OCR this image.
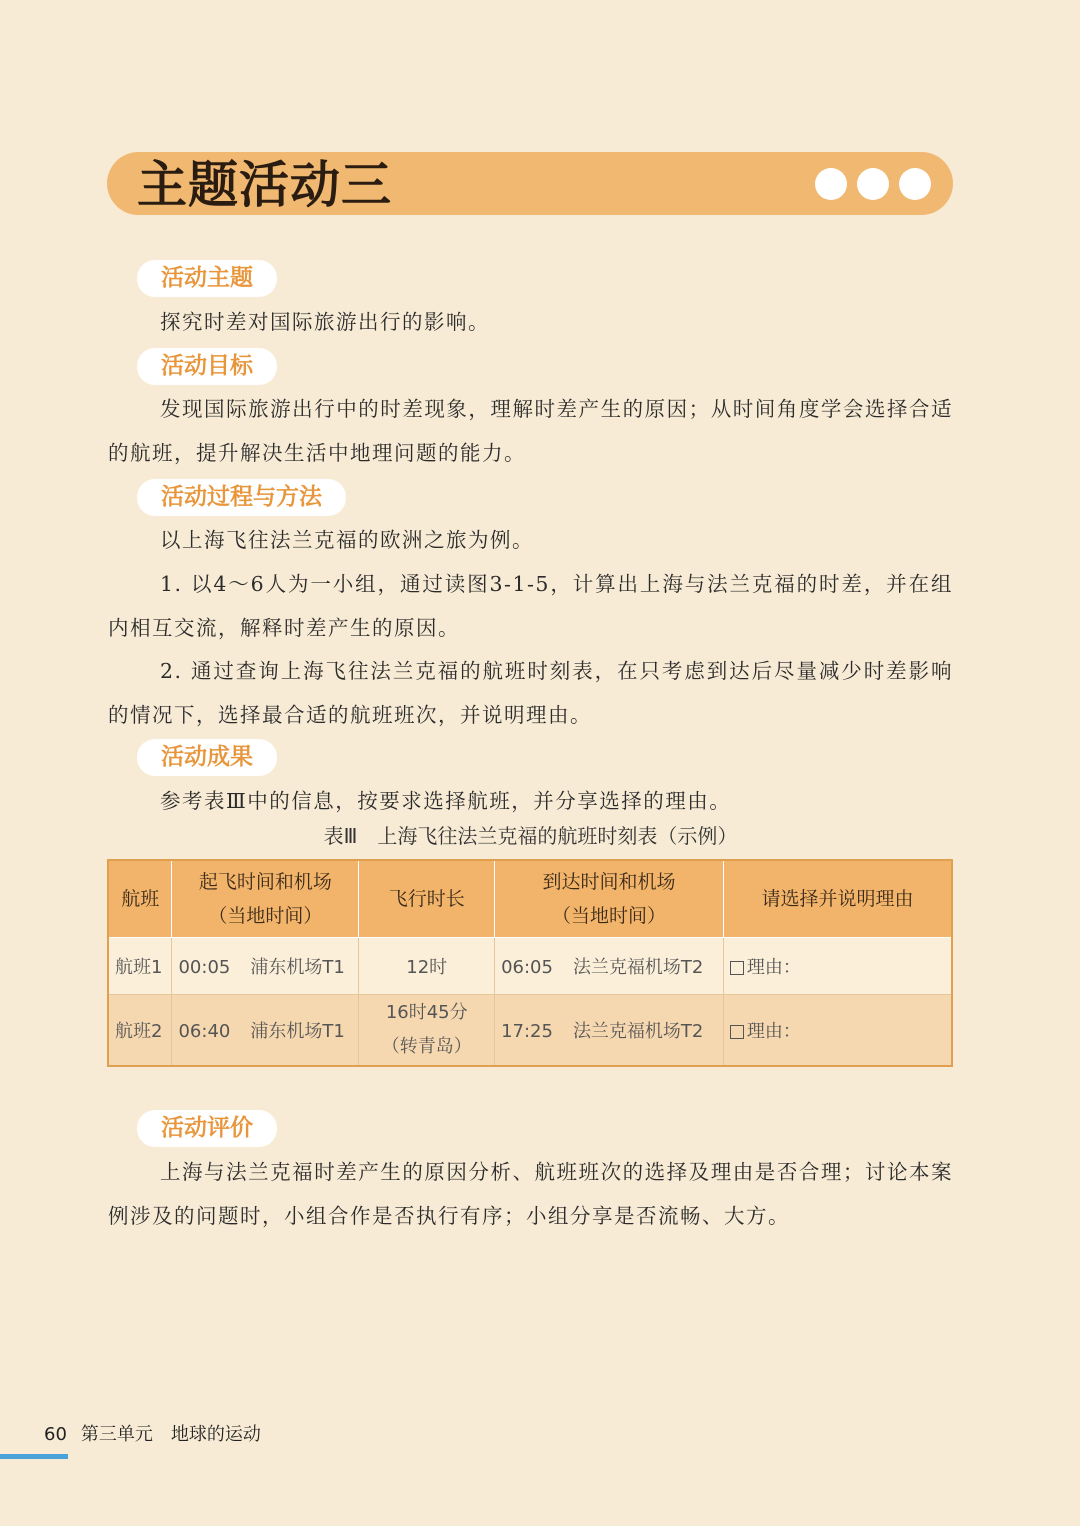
主题活动三
活动主题

探究时差对国际旅游出行的影响。

活动目标

发现国际旅游出行中的时差现象，理解时差产生的原因；从时间角度学会选择合适的航班，提升解决生活中地理问题的能力。

活动过程与方法

以上海飞往法兰克福的欧洲之旅为例。

1. 以4～6人为一小组，通过读图3-1-5，计算出上海与法兰克福的时差，并在组内相互交流，解释时差产生的原因。

2. 通过查询上海飞往法兰克福的航班时刻表，在只考虑到达后尽量减少时差影响的情况下，选择最合适的航班班次，并说明理由。

活动成果

参考表Ⅲ中的信息，按要求选择航班，并分享选择的理由。

表Ⅲ　上海飞往法兰克福的航班时刻表（示例）
航班	起飞时间和机场
（当地时间）	飞行时长	到达时间和机场
（当地时间）	请选择并说明理由
航班1	00:05 浦东机场T1	12时	06:05 法兰克福机场T2	理由：
航班2	06:40 浦东机场T1	16时45分
（转青岛）	17:25 法兰克福机场T2	理由：
活动评价

上海与法兰克福时差产生的原因分析、航班班次的选择及理由是否合理；讨论本案例涉及的问题时，小组合作是否执行有序；小组分享是否流畅、大方。

60 第三单元 地球的运动
